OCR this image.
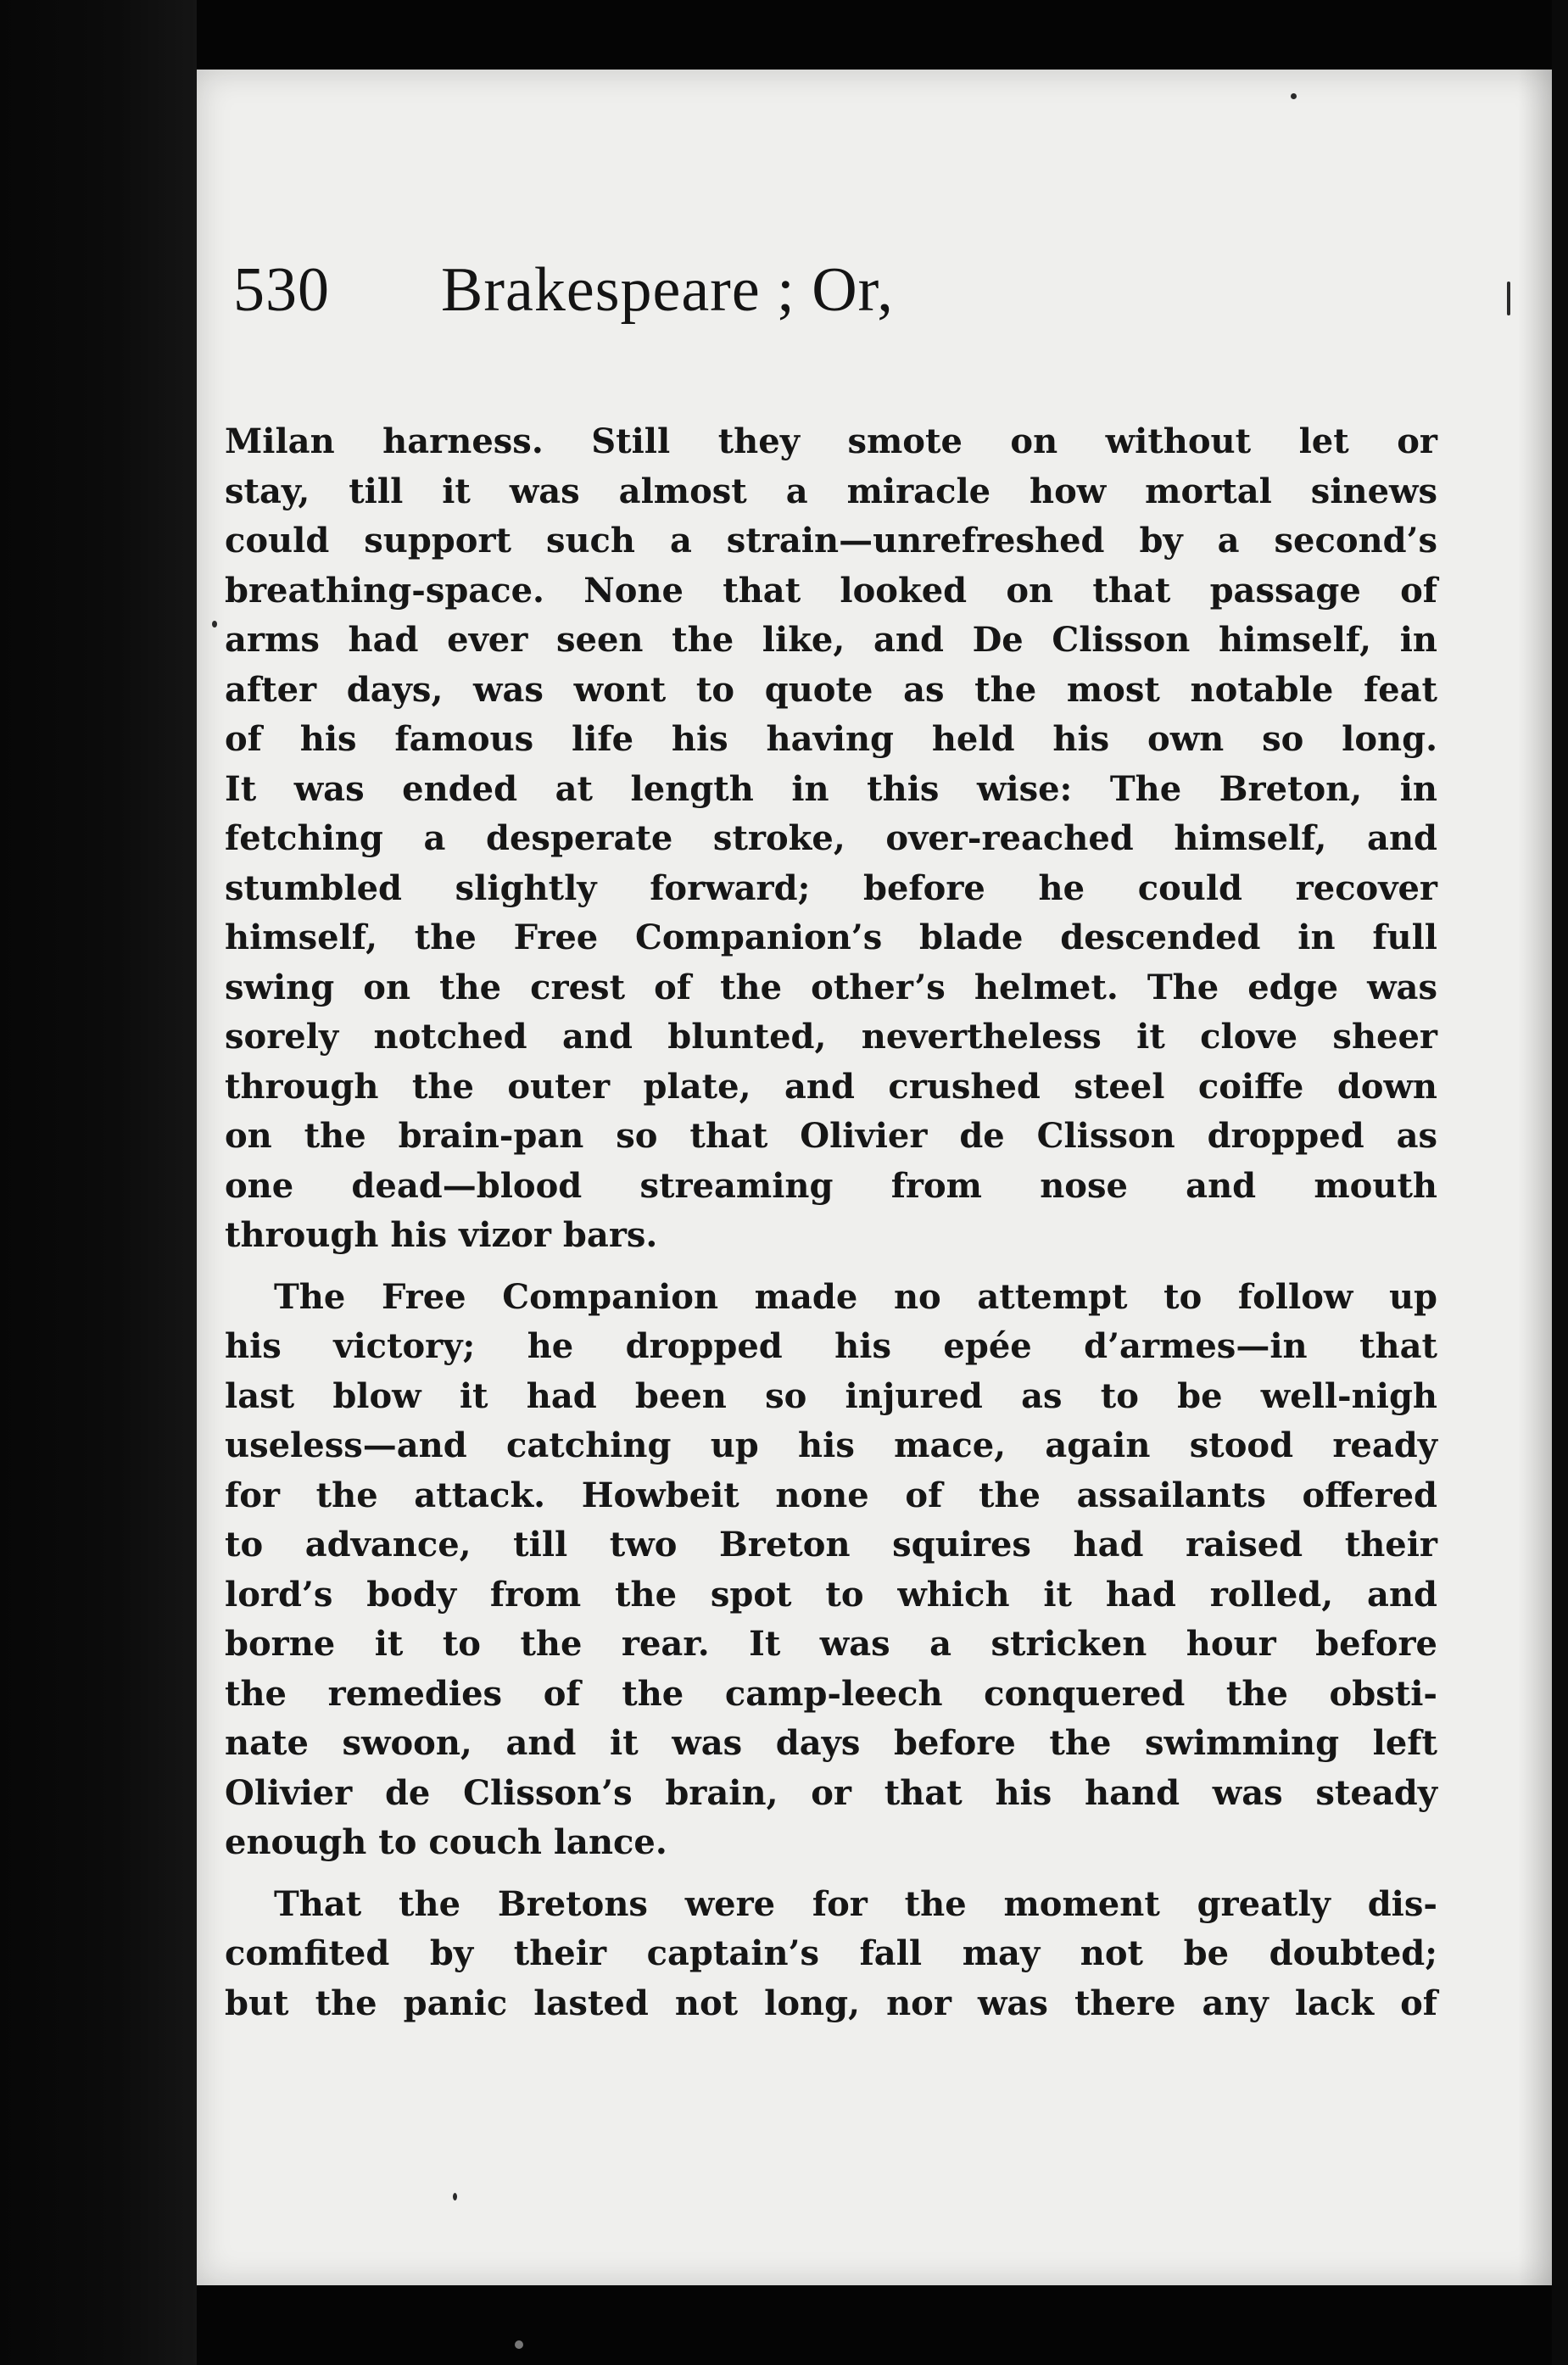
530 Brakespeare ; Or,
Milan harness. Still they smote on without let or
stay, till it was almost a miracle how mortal sinews
could support such a strain—unrefreshed by a second’s
breathing-space. None that looked on that passage of
arms had ever seen the like, and De Clisson himself, in
after days, was wont to quote as the most notable feat
of his famous life his having held his own so long.
It was ended at length in this wise: The Breton, in
fetching a desperate stroke, over-reached himself, and
stumbled slightly forward; before he could recover
himself, the Free Companion’s blade descended in full
swing on the crest of the other’s helmet. The edge was
sorely notched and blunted, nevertheless it clove sheer
through the outer plate, and crushed steel coiffe down
on the brain-pan so that Olivier de Clisson dropped as
one dead—blood streaming from nose and mouth
through his vizor bars.
The Free Companion made no attempt to follow up
his victory; he dropped his epée d’armes—in that
last blow it had been so injured as to be well-nigh
useless—and catching up his mace, again stood ready
for the attack. Howbeit none of the assailants offered
to advance, till two Breton squires had raised their
lord’s body from the spot to which it had rolled, and
borne it to the rear. It was a stricken hour before
the remedies of the camp-leech conquered the obsti-
nate swoon, and it was days before the swimming left
Olivier de Clisson’s brain, or that his hand was steady
enough to couch lance.
That the Bretons were for the moment greatly dis-
comfited by their captain’s fall may not be doubted;
but the panic lasted not long, nor was there any lack of
